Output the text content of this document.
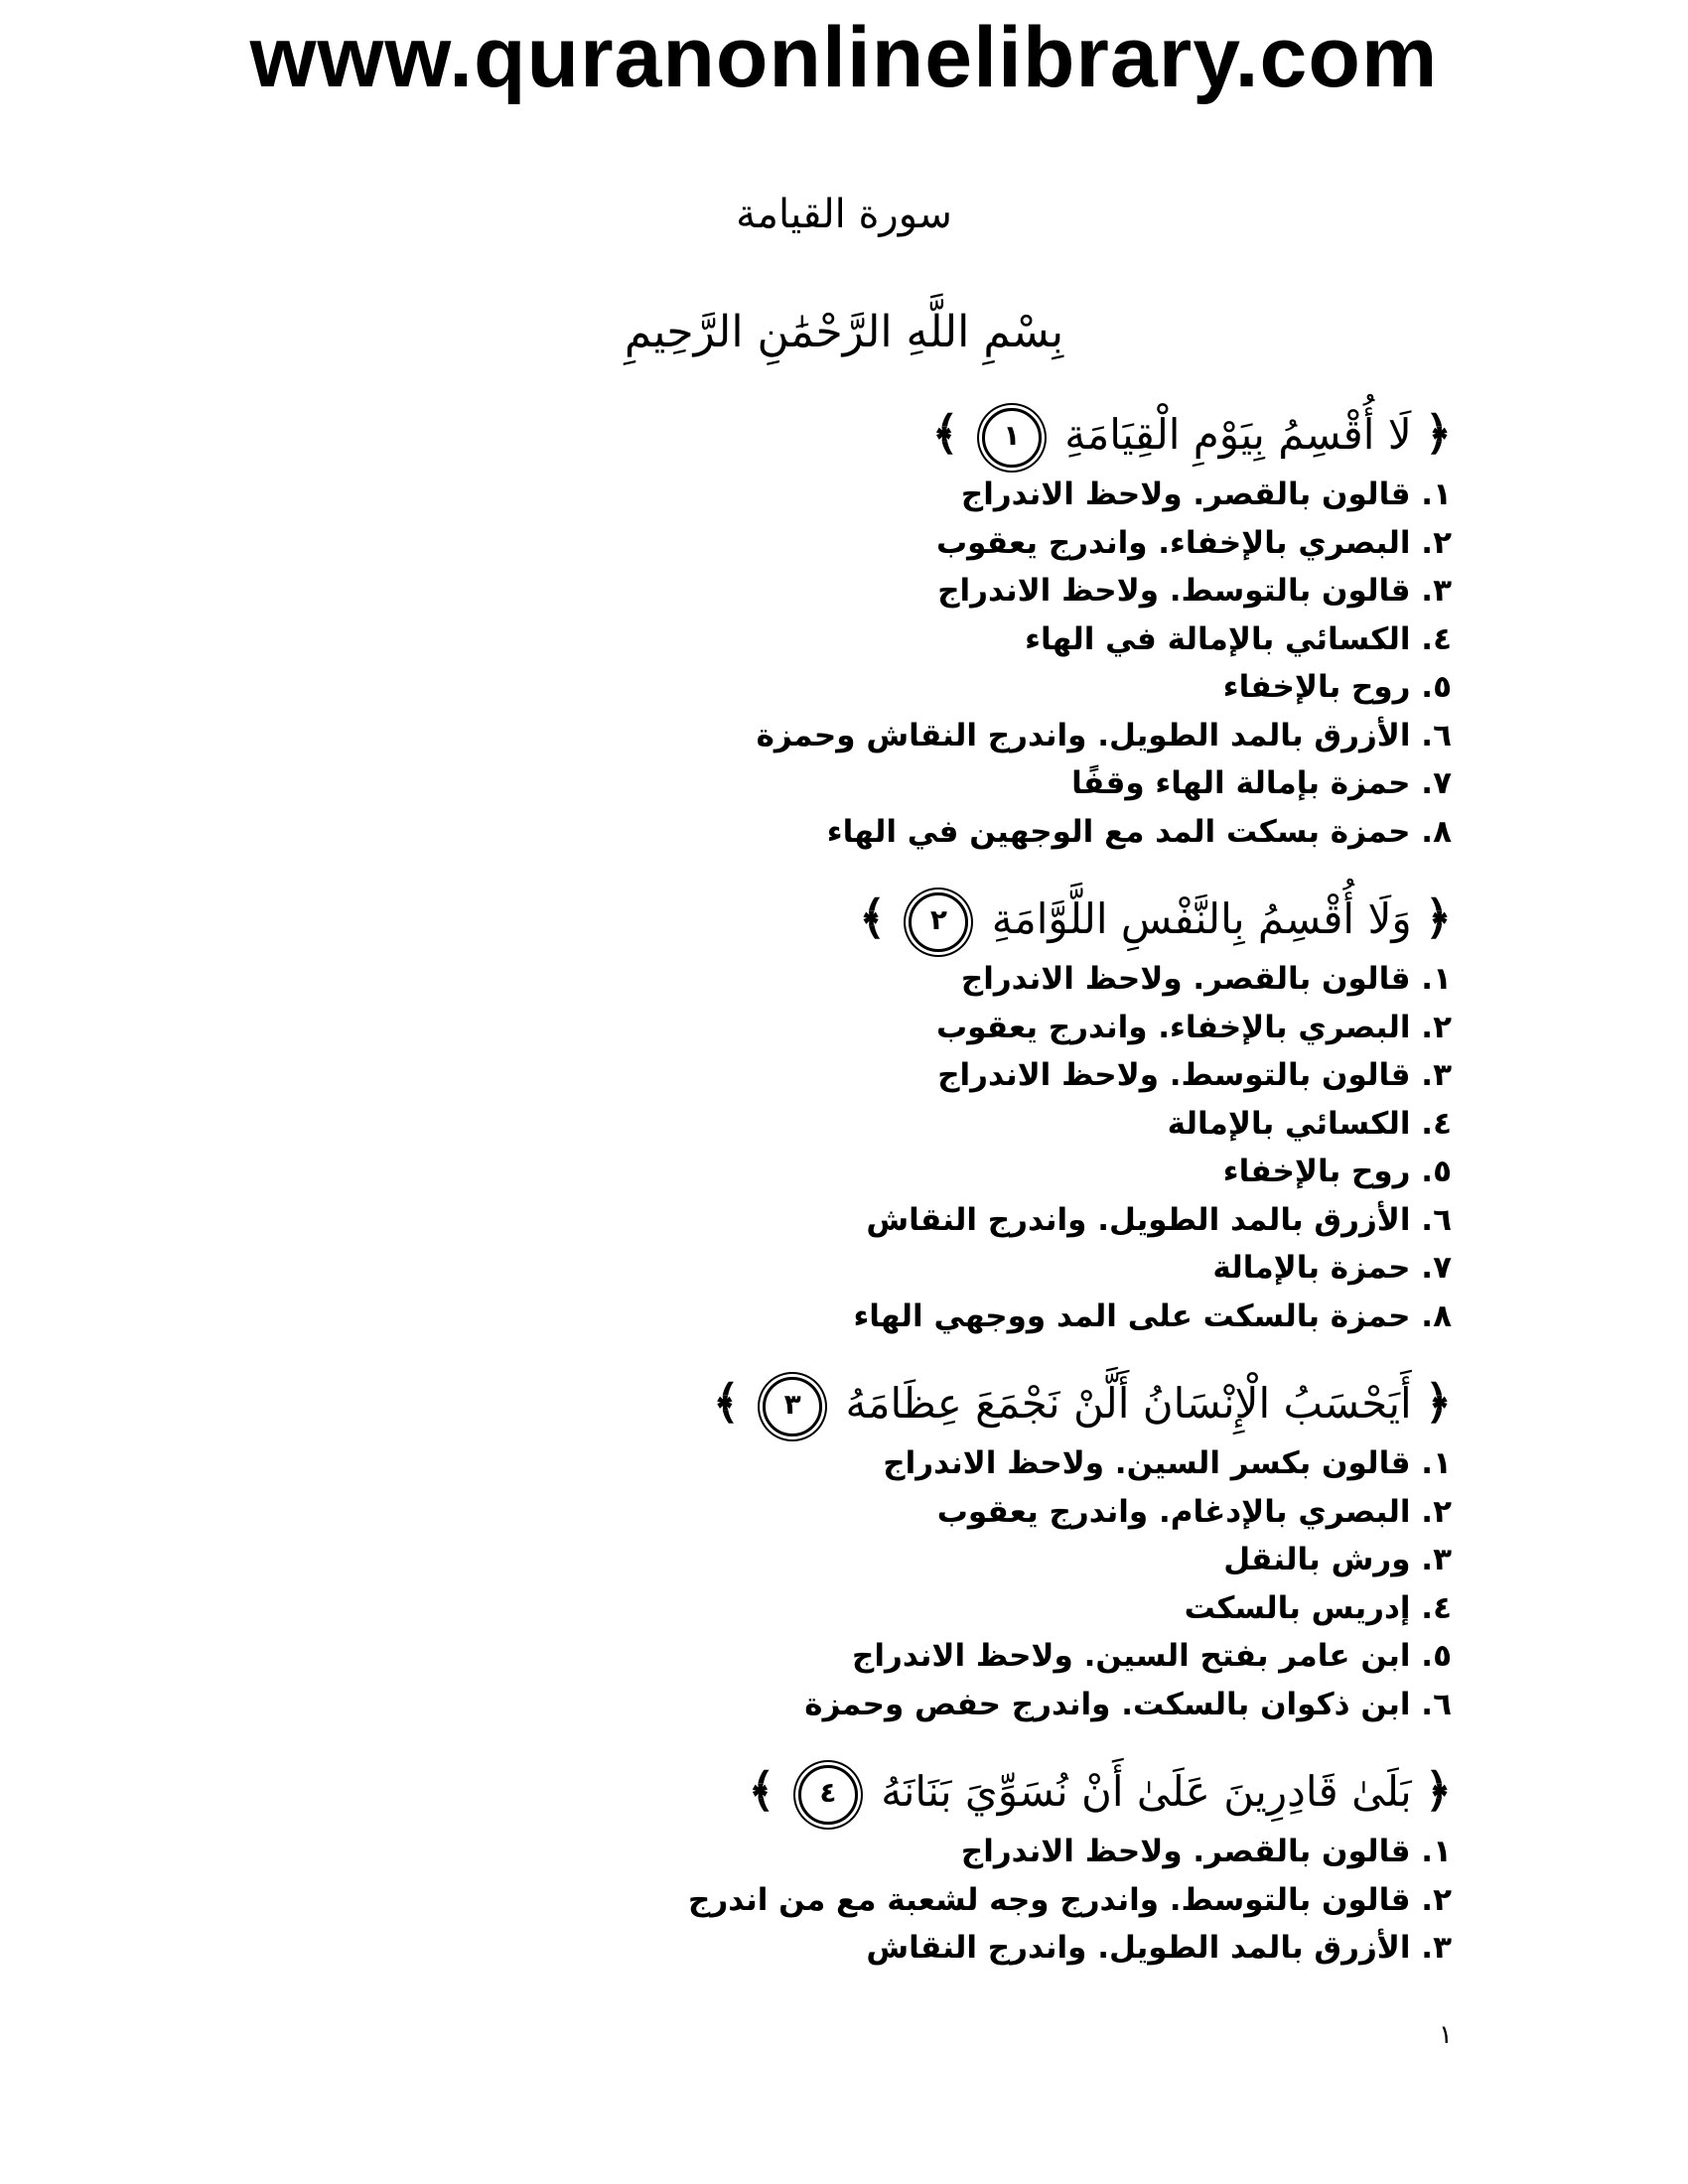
www.quranonlinelibrary.com
سورة القيامة
بِسْمِ اللَّهِ الرَّحْمَٰنِ الرَّحِيمِ
﴿ لَا أُقْسِمُ بِيَوْمِ الْقِيَامَةِ ١ ﴾
١. قالون بالقصر. ولاحظ الاندراج
٢. البصري بالإخفاء. واندرج يعقوب
٣. قالون بالتوسط. ولاحظ الاندراج
٤. الكسائي بالإمالة في الهاء
٥. روح بالإخفاء
٦. الأزرق بالمد الطويل. واندرج النقاش وحمزة
٧. حمزة بإمالة الهاء وقفًا
٨. حمزة بسكت المد مع الوجهين في الهاء
﴿ وَلَا أُقْسِمُ بِالنَّفْسِ اللَّوَّامَةِ ٢ ﴾
١. قالون بالقصر. ولاحظ الاندراج
٢. البصري بالإخفاء. واندرج يعقوب
٣. قالون بالتوسط. ولاحظ الاندراج
٤. الكسائي بالإمالة
٥. روح بالإخفاء
٦. الأزرق بالمد الطويل. واندرج النقاش
٧. حمزة بالإمالة
٨. حمزة بالسكت على المد ووجهي الهاء
﴿ أَيَحْسَبُ الْإِنْسَانُ أَلَّنْ نَجْمَعَ عِظَامَهُ ٣ ﴾
١. قالون بكسر السين. ولاحظ الاندراج
٢. البصري بالإدغام. واندرج يعقوب
٣. ورش بالنقل
٤. إدريس بالسكت
٥. ابن عامر بفتح السين. ولاحظ الاندراج
٦. ابن ذكوان بالسكت. واندرج حفص وحمزة
﴿ بَلَىٰ قَادِرِينَ عَلَىٰ أَنْ نُسَوِّيَ بَنَانَهُ ٤ ﴾
١. قالون بالقصر. ولاحظ الاندراج
٢. قالون بالتوسط. واندرج وجه لشعبة مع من اندرج
٣. الأزرق بالمد الطويل. واندرج النقاش
١
